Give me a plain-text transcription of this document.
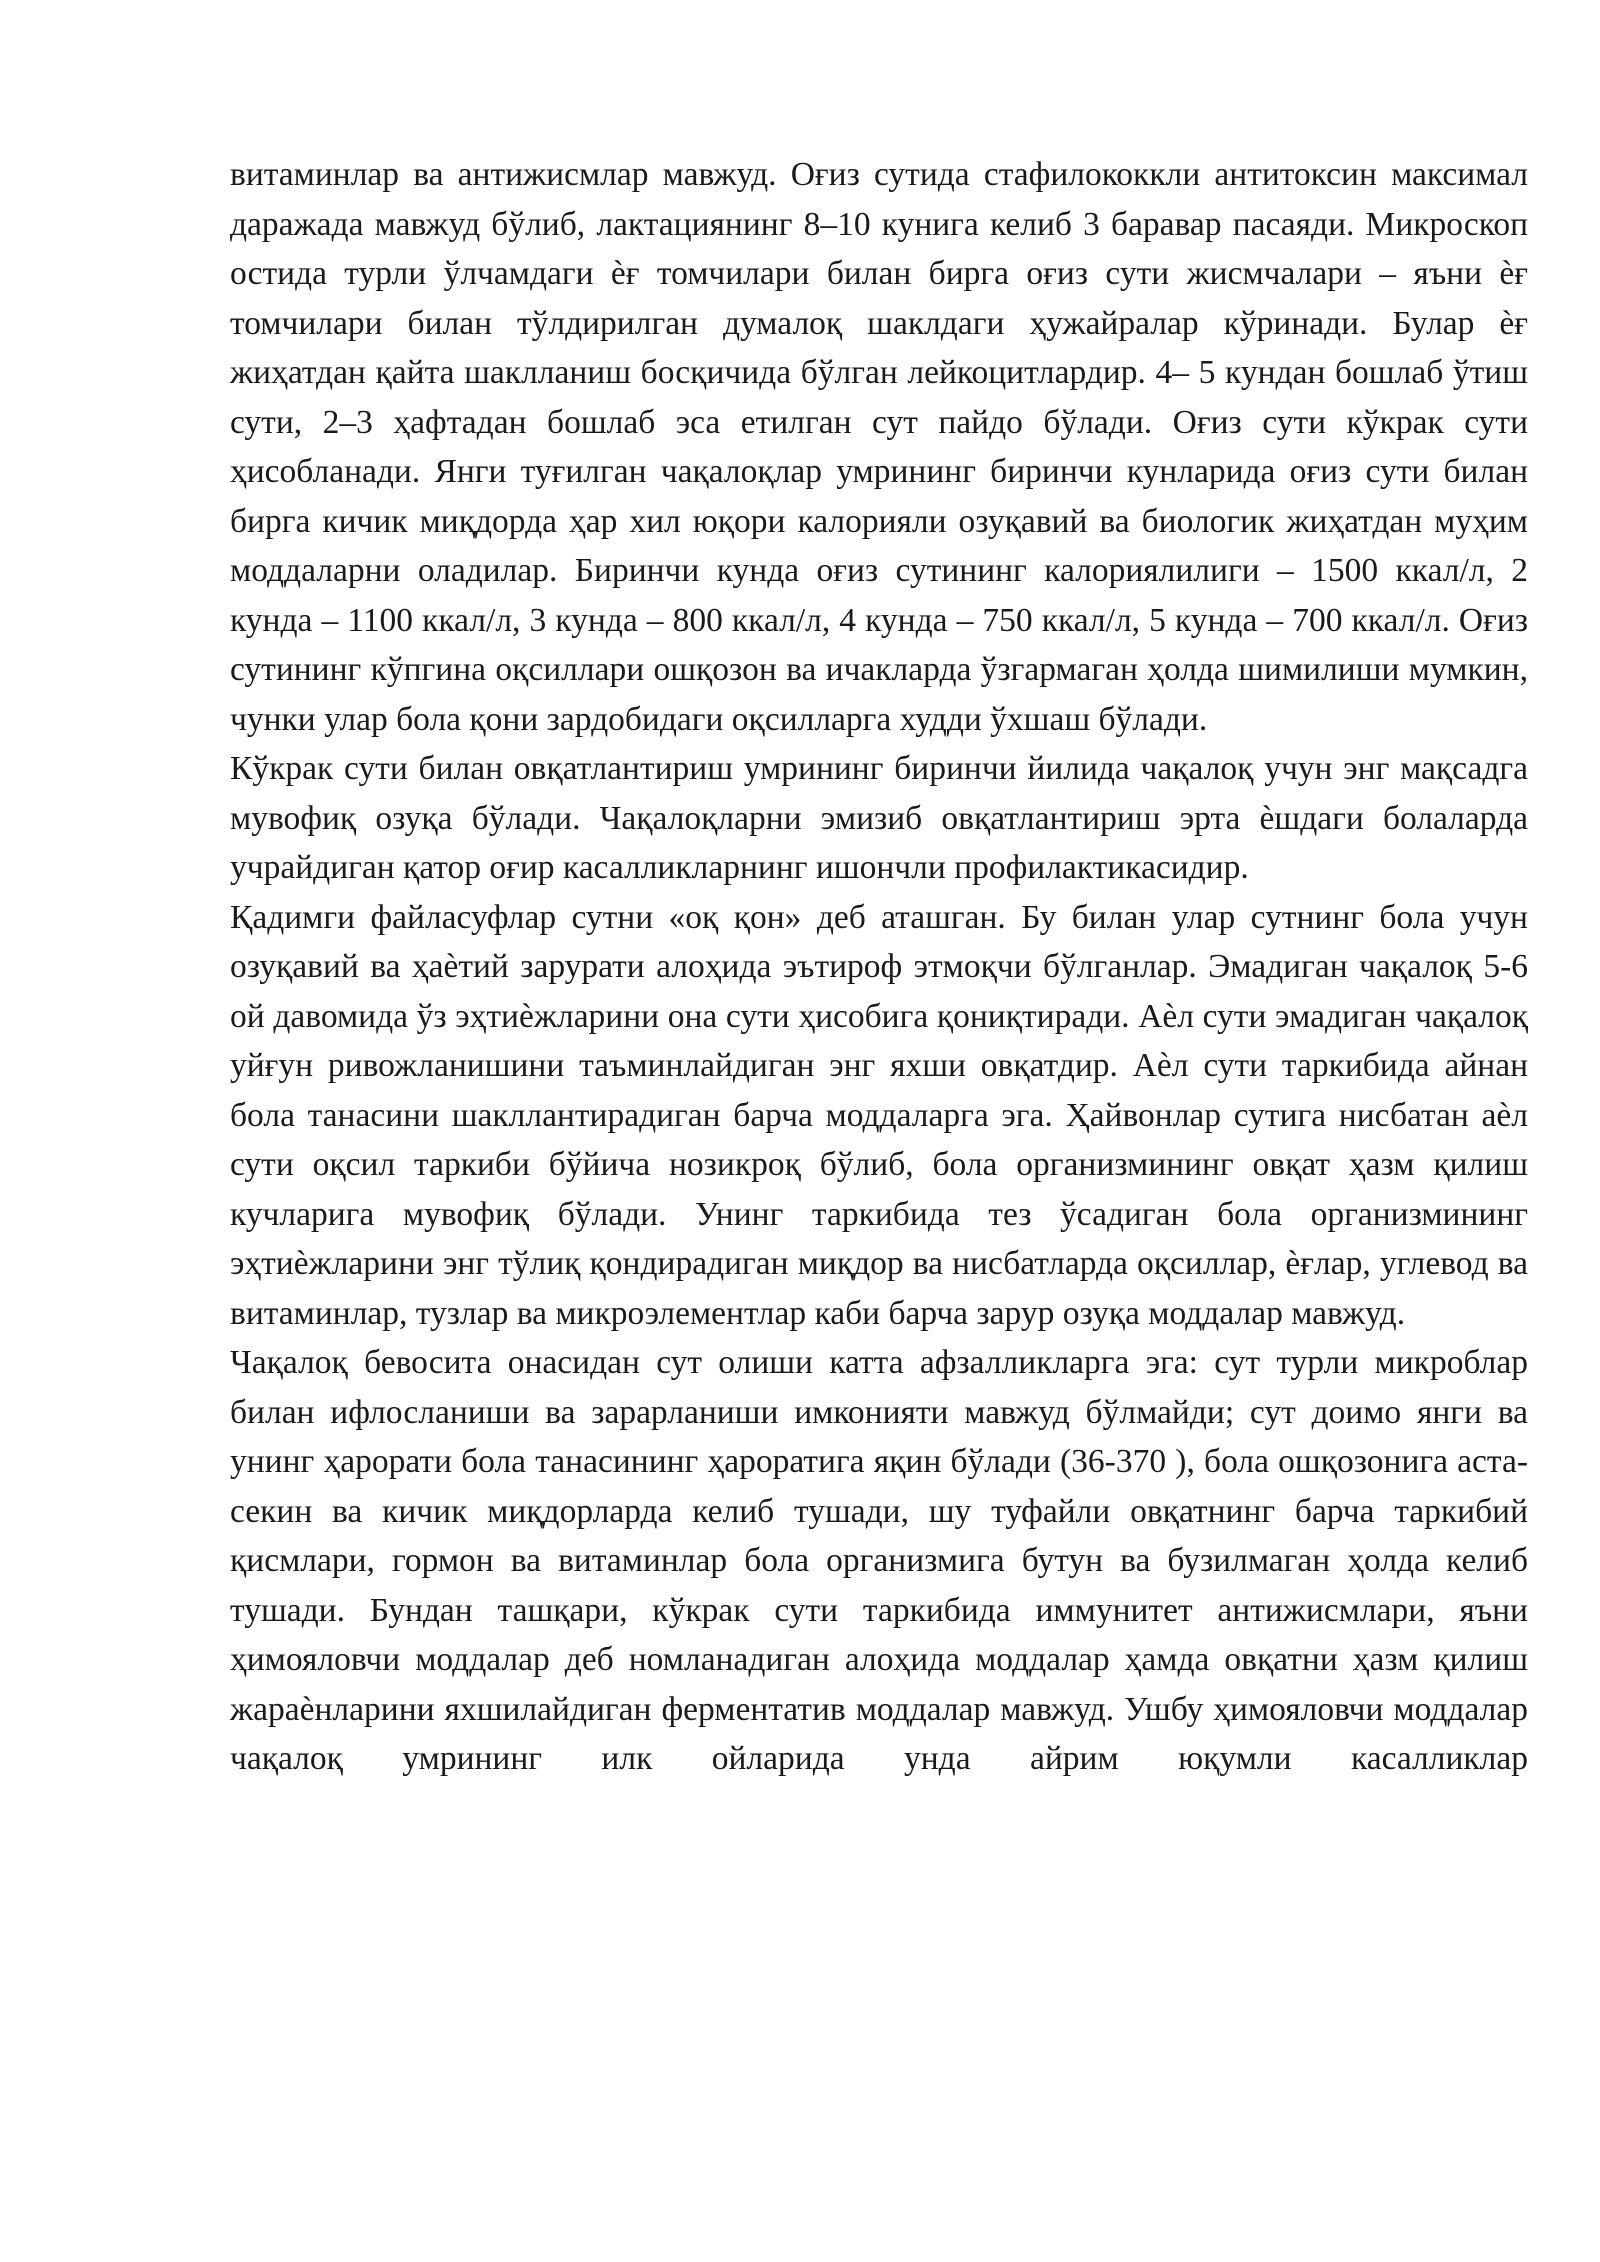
витаминлар ва антижисмлар мавжуд. Оғиз сутида стафилококкли антитоксин максимал даражада мавжуд бўлиб, лактациянинг 8–10 кунига келиб 3 баравар пасаяди. Микроскоп остида турли ўлчамдаги ѐғ томчилари билан бирга оғиз сути жисмчалари – яъни ѐғ томчилари билан тўлдирилган думалоқ шаклдаги ҳужайралар кўринади. Булар ѐғ жиҳатдан қайта шаклланиш босқичида бўлган лейкоцитлардир. 4– 5 кундан бошлаб ўтиш сути, 2–3 ҳафтадан бошлаб эса етилган сут пайдо бўлади. Оғиз сути кўкрак сути ҳисобланади. Янги туғилган чақалоқлар умрининг биринчи кунларида оғиз сути билан бирга кичик миқдорда ҳар хил юқори калорияли озуқавий ва биологик жиҳатдан муҳим моддаларни оладилар. Биринчи кунда оғиз сутининг калориялилиги – 1500 ккал/л, 2 кунда – 1100 ккал/л, 3 кунда – 800 ккал/л, 4 кунда – 750 ккал/л, 5 кунда – 700 ккал/л. Оғиз сутининг кўпгина оқсиллари ошқозон ва ичакларда ўзгармаган ҳолда шимилиши мумкин, чунки улар бола қони зардобидаги оқсилларга худди ўхшаш бўлади.

Кўкрак сути билан овқатлантириш умрининг биринчи йилида чақалоқ учун энг мақсадга мувофиқ озуқа бўлади. Чақалоқларни эмизиб овқатлантириш эрта ѐшдаги болаларда учрайдиган қатор оғир касалликларнинг ишончли профилактикасидир.

Қадимги файласуфлар сутни «оқ қон» деб аташган. Бу билан улар сутнинг бола учун озуқавий ва ҳаѐтий зарурати алоҳида эътироф этмоқчи бўлганлар. Эмадиган чақалоқ 5-6 ой давомида ўз эҳтиѐжларини она сути ҳисобига қониқтиради. Аѐл сути эмадиган чақалоқ уйғун ривожланишини таъминлайдиган энг яхши овқатдир. Аѐл сути таркибида айнан бола танасини шакллантирадиган барча моддаларга эга. Ҳайвонлар сутига нисбатан аѐл сути оқсил таркиби бўйича нозикроқ бўлиб, бола организмининг овқат ҳазм қилиш кучларига мувофиқ бўлади. Унинг таркибида тез ўсадиган бола организмининг эҳтиѐжларини энг тўлиқ қондирадиган миқдор ва нисбатларда оқсиллар, ѐғлар, углевод ва витаминлар, тузлар ва микроэлементлар каби барча зарур озуқа моддалар мавжуд.

Чақалоқ бевосита онасидан сут олиши катта афзалликларга эга: сут турли микроблар билан ифлосланиши ва зарарланиши имконияти мавжуд бўлмайди; сут доимо янги ва унинг ҳарорати бола танасининг ҳароратига яқин бўлади (36-370 ), бола ошқозонига аста-секин ва кичик миқдорларда келиб тушади, шу туфайли овқатнинг барча таркибий қисмлари, гормон ва витаминлар бола организмига бутун ва бузилмаган ҳолда келиб тушади. Бундан ташқари, кўкрак сути таркибида иммунитет антижисмлари, яъни ҳимояловчи моддалар деб номланадиган алоҳида моддалар ҳамда овқатни ҳазм қилиш жараѐнларини яхшилайдиган ферментатив моддалар мавжуд. Ушбу ҳимояловчи моддалар чақалоқ умрининг илк ойларида унда айрим юқумли касалликлар
